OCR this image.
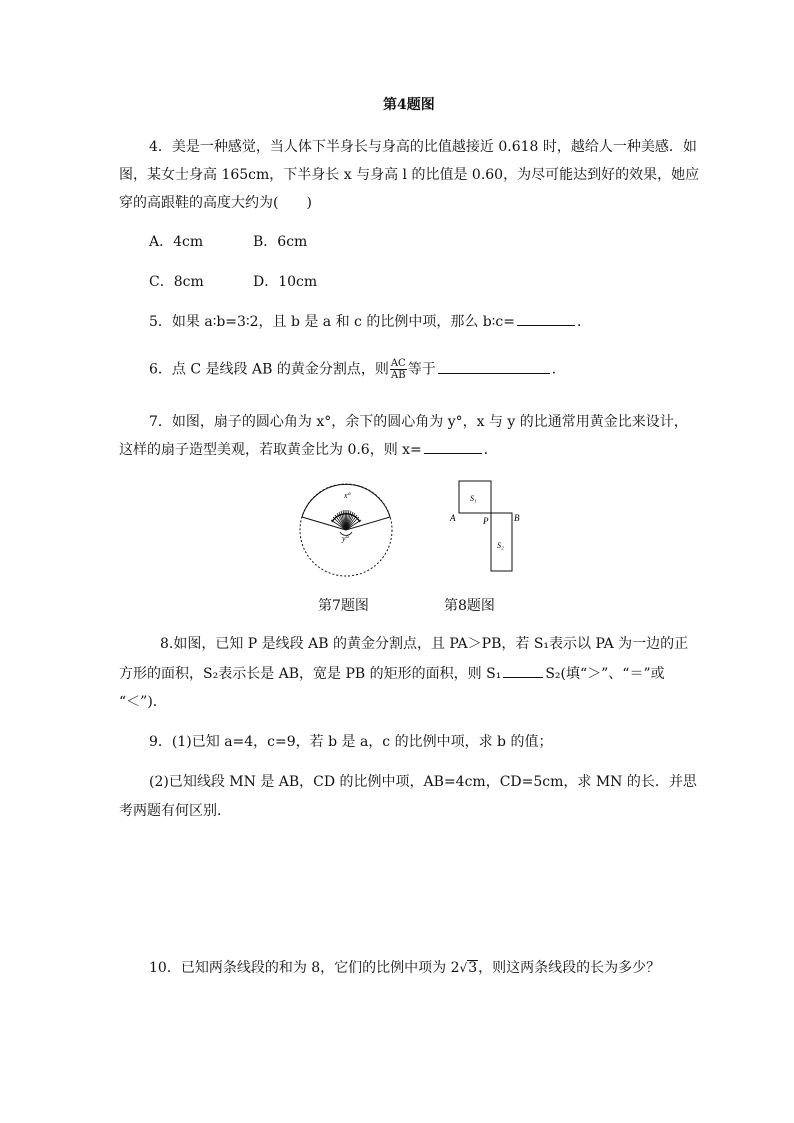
第4题图
4．美是一种感觉，当人体下半身长与身高的比值越接近 0.618 时，越给人一种美感．如
图，某女士身高 165cm，下半身长 x 与身高 l 的比值是 0.60，为尽可能达到好的效果，她应
穿的高跟鞋的高度大约为(　　)
A．4cm	B．6cm
C．8cm	D．10cm
5．如果 a∶b=3∶2，且 b 是 a 和 c 的比例中项，那么 b∶c=	．
6．点 C 是线段 AB 的黄金分割点，则 $\frac{AC}{AB}$ 等于	．
7．如图，扇子的圆心角为 x°，余下的圆心角为 y°，x 与 y 的比通常用黄金比来设计，
这样的扇子造型美观，若取黄金比为 0.6，则 x=	．
x°
y°
A	P	B
S₁
S₂
第7题图	第8题图
8.如图，已知 P 是线段 AB 的黄金分割点，且 PA＞PB，若 S₁表示以 PA 为一边的正
方形的面积，S₂表示长是 AB，宽是 PB 的矩形的面积，则 S₁	S₂(填“＞”、“＝”或
“＜”)．
9．(1)已知 a=4，c=9，若 b 是 a，c 的比例中项，求 b 的值；
(2)已知线段 MN 是 AB，CD 的比例中项，AB=4cm，CD=5cm，求 MN 的长．并思
考两题有何区别．
10．已知两条线段的和为 8，它们的比例中项为 2√3，则这两条线段的长为多少？
